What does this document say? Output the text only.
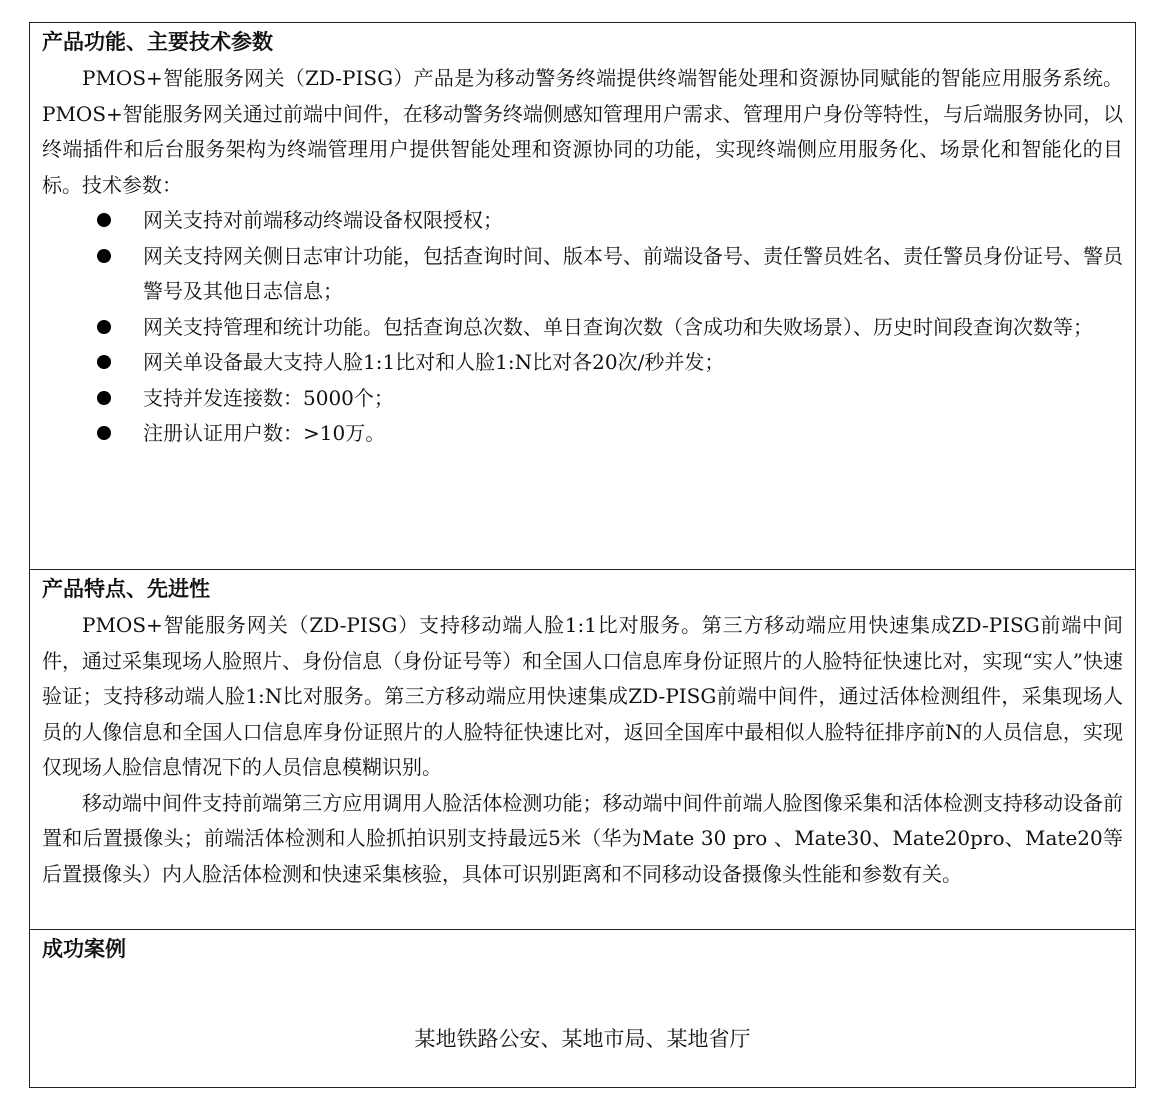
产品功能、主要技术参数

PMOS+智能服务网关（ZD-PISG）产品是为移动警务终端提供终端智能处理和资源协同赋能的智能应用服务系统。PMOS+智能服务网关通过前端中间件，在移动警务终端侧感知管理用户需求、管理用户身份等特性，与后端服务协同，以终端插件和后台服务架构为终端管理用户提供智能处理和资源协同的功能，实现终端侧应用服务化、场景化和智能化的目标。技术参数：

网关支持对前端移动终端设备权限授权；
网关支持网关侧日志审计功能，包括查询时间、版本号、前端设备号、责任警员姓名、责任警员身份证号、警员警号及其他日志信息；
网关支持管理和统计功能。包括查询总次数、单日查询次数（含成功和失败场景）、历史时间段查询次数等；
网关单设备最大支持人脸1:1比对和人脸1:N比对各20次/秒并发；
支持并发连接数：5000个；
注册认证用户数：>10万。
产品特点、先进性

PMOS+智能服务网关（ZD-PISG）支持移动端人脸1:1比对服务。第三方移动端应用快速集成ZD-PISG前端中间件，通过采集现场人脸照片、身份信息（身份证号等）和全国人口信息库身份证照片的人脸特征快速比对，实现“实人”快速验证；支持移动端人脸1:N比对服务。第三方移动端应用快速集成ZD-PISG前端中间件，通过活体检测组件，采集现场人员的人像信息和全国人口信息库身份证照片的人脸特征快速比对，返回全国库中最相似人脸特征排序前N的人员信息，实现仅现场人脸信息情况下的人员信息模糊识别。

移动端中间件支持前端第三方应用调用人脸活体检测功能；移动端中间件前端人脸图像采集和活体检测支持移动设备前置和后置摄像头；前端活体检测和人脸抓拍识别支持最远5米（华为Mate 30 pro 、Mate30、Mate20pro、Mate20等后置摄像头）内人脸活体检测和快速采集核验，具体可识别距离和不同移动设备摄像头性能和参数有关。

成功案例
某地铁路公安、某地市局、某地省厅
